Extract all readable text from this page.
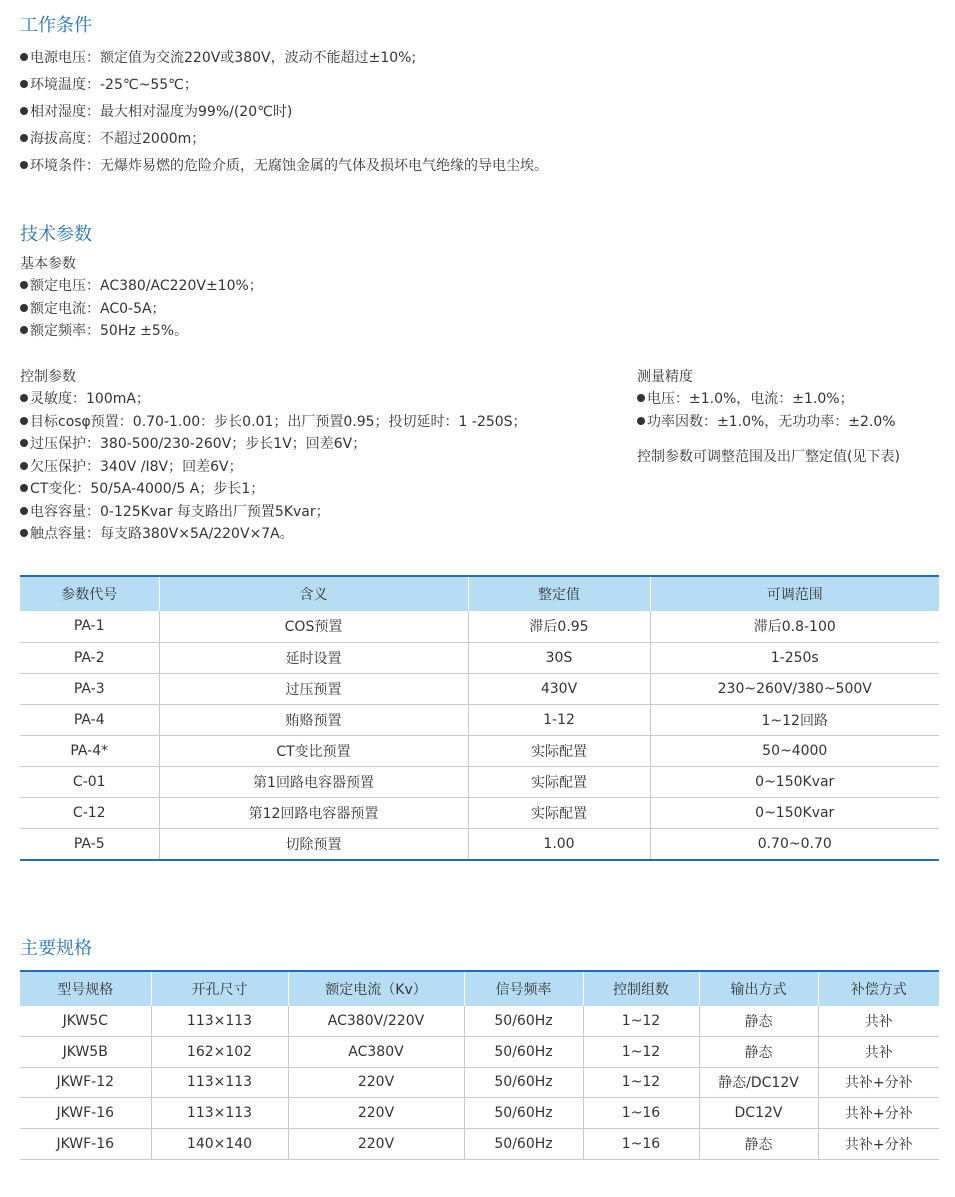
工作条件
电源电压：额定值为交流220V或380V，波动不能超过±10%;
环境温度：-25℃~55℃；
相对湿度：最大相对湿度为99%/(20℃时)
海拔高度：不超过2000m；
环境条件：无爆炸易燃的危险介质，无腐蚀金属的气体及损坏电气绝缘的导电尘埃。
技术参数
基本参数
额定电压：AC380/AC220V±10%；
额定电流：AC0-5A；
额定频率：50Hz ±5%。
控制参数
灵敏度：100mA；
目标cosφ预置：0.70-1.00：步长0.01；出厂预置0.95；投切延时：1 -250S；
过压保护：380-500/230-260V；步长1V；回差6V；
欠压保护：340V /I8V；回差6V；
CT变化：50/5A-4000/5 A；步长1；
电容容量：0-125Kvar 每支路出厂预置5Kvar；
触点容量：每支路380V×5A/220V×7A。
测量精度
电压：±1.0%，电流：±1.0%；
功率因数：±1.0%，无功功率：±2.0%
控制参数可调整范围及出厂整定值(见下表)
参数代号	含义	整定值	可调范围
PA-1	COS预置	滞后0.95	滞后0.8-100
PA-2	延时设置	30S	1-250s
PA-3	过压预置	430V	230~260V/380~500V
PA-4	贿赂预置	1-12	1~12回路
PA-4*	CT变比预置	实际配置	50~4000
C-01	第1回路电容器预置	实际配置	0~150Kvar
C-12	第12回路电容器预置	实际配置	0~150Kvar
PA-5	切除预置	1.00	0.70~0.70
主要规格
型号规格	开孔尺寸	额定电流（Kv）	信号频率	控制组数	输出方式	补偿方式
JKW5C	113×113	AC380V/220V	50/60Hz	1~12	静态	共补
JKW5B	162×102	AC380V	50/60Hz	1~12	静态	共补
JKWF-12	113×113	220V	50/60Hz	1~12	静态/DC12V	共补+分补
JKWF-16	113×113	220V	50/60Hz	1~16	DC12V	共补+分补
JKWF-16	140×140	220V	50/60Hz	1~16	静态	共补+分补
